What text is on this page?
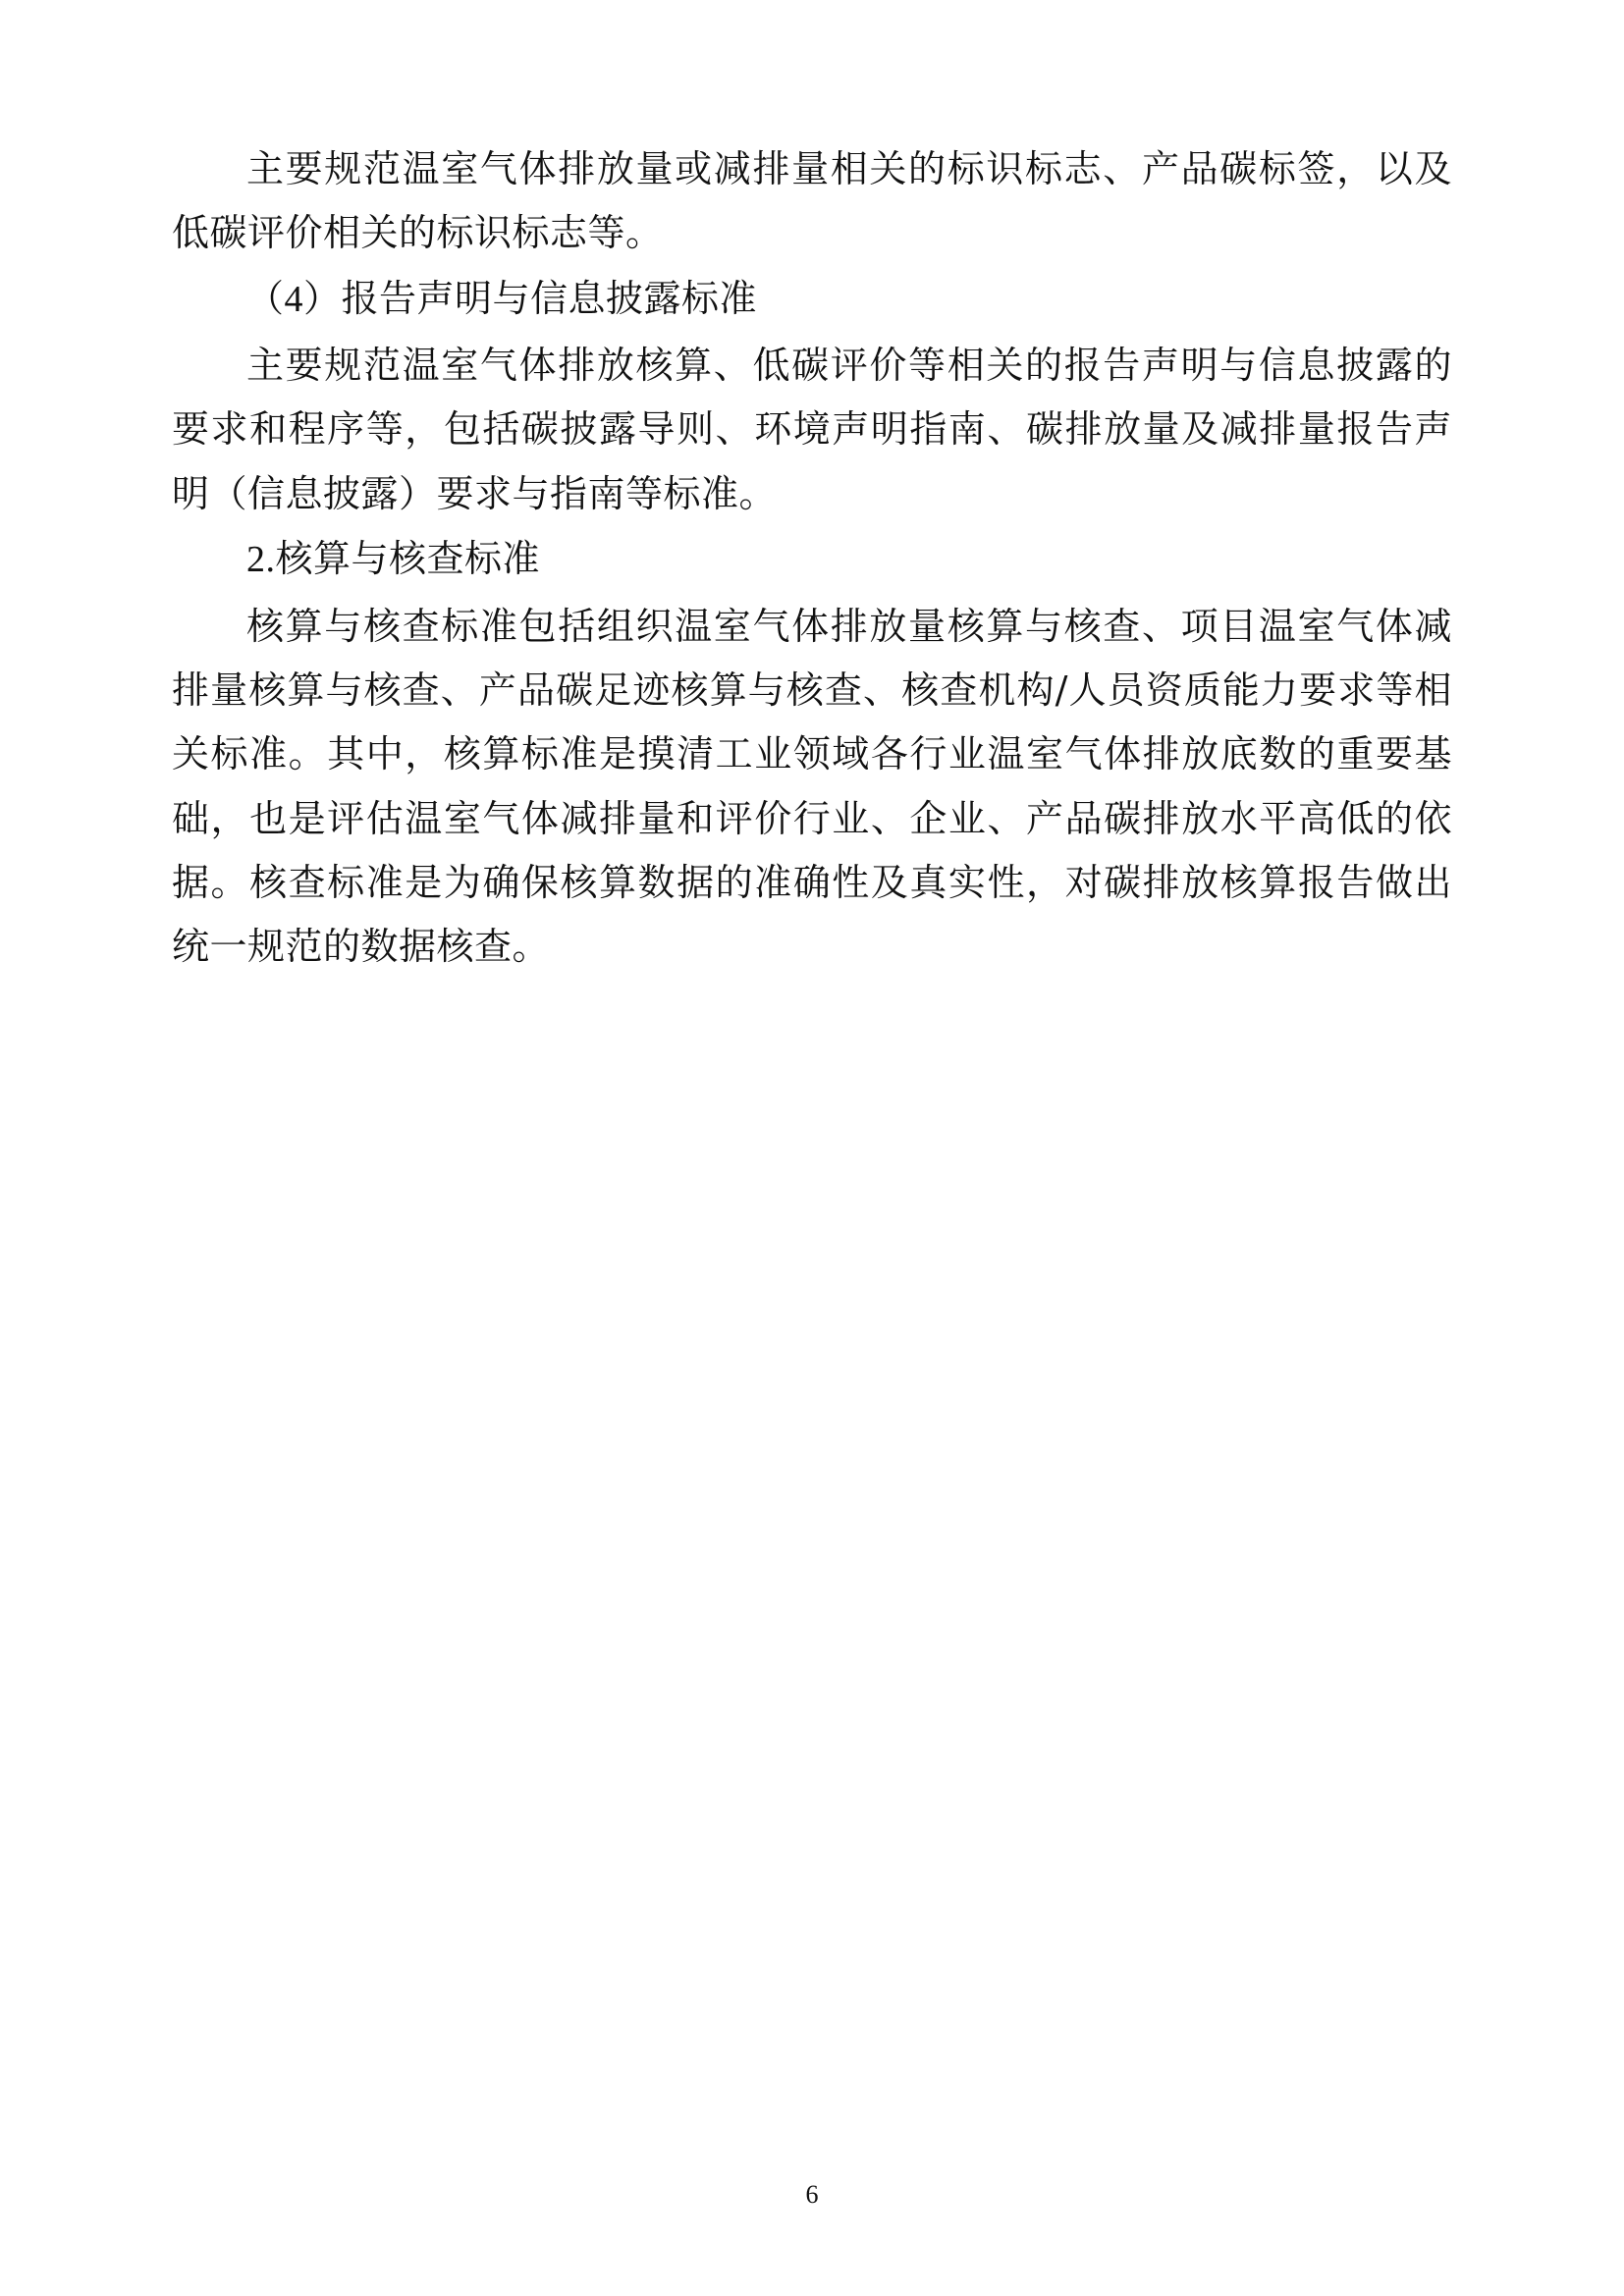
主要规范温室气体排放量或减排量相关的标识标志、产品碳标签，以及低碳评价相关的标识标志等。

（4）报告声明与信息披露标准

主要规范温室气体排放核算、低碳评价等相关的报告声明与信息披露的要求和程序等，包括碳披露导则、环境声明指南、碳排放量及减排量报告声明（信息披露）要求与指南等标准。

2.核算与核查标准

核算与核查标准包括组织温室气体排放量核算与核查、项目温室气体减排量核算与核查、产品碳足迹核算与核查、核查机构/人员资质能力要求等相关标准。其中，核算标准是摸清工业领域各行业温室气体排放底数的重要基础，也是评估温室气体减排量和评价行业、企业、产品碳排放水平高低的依据。核查标准是为确保核算数据的准确性及真实性，对碳排放核算报告做出统一规范的数据核查。

6
